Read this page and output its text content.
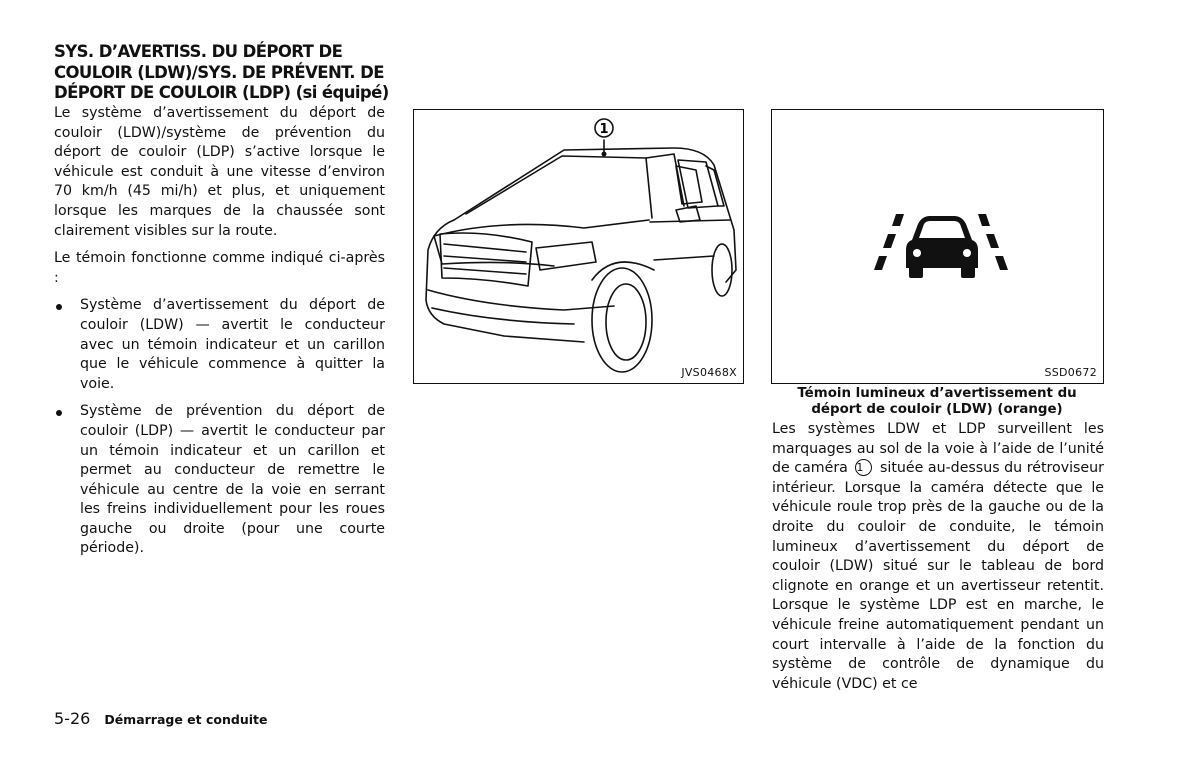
SYS. D’AVERTISS. DU DÉPORT DE COULOIR (LDW)/SYS. DE PRÉVENT. DE DÉPORT DE COULOIR (LDP) (si équipé)

Le système d’avertissement du déport de couloir (LDW)/système de prévention du déport de couloir (LDP) s’active lorsque le véhicule est conduit à une vitesse d’environ 70 km/h (45 mi/h) et plus, et uniquement lorsque les marques de la chaussée sont clairement visibles sur la route.

Le témoin fonctionne comme indiqué ci-après :

Système d’avertissement du déport de couloir (LDW) — avertit le conducteur avec un témoin indicateur et un carillon que le véhicule commence à quitter la voie.
Système de prévention du déport de couloir (LDP) — avertit le conducteur par un témoin indicateur et un carillon et permet au conducteur de remettre le véhicule au centre de la voie en serrant les freins individuellement pour les roues gauche ou droite (pour une courte période).
1
JVS0468X	SSD0672
Témoin lumineux d’avertissement du déport de couloir (LDW) (orange)

Les systèmes LDW et LDP surveillent les marquages au sol de la voie à l’aide de l’unité de caméra 1 située au-dessus du rétroviseur intérieur. Lorsque la caméra détecte que le véhicule roule trop près de la gauche ou de la droite du couloir de conduite, le témoin lumineux d’avertissement du déport de couloir (LDW) situé sur le tableau de bord clignote en orange et un avertisseur retentit. Lorsque le système LDP est en marche, le véhicule freine automatiquement pendant un court intervalle à l’aide de la fonction du système de contrôle de dynamique du véhicule (VDC) et ce

5-26 Démarrage et conduite
